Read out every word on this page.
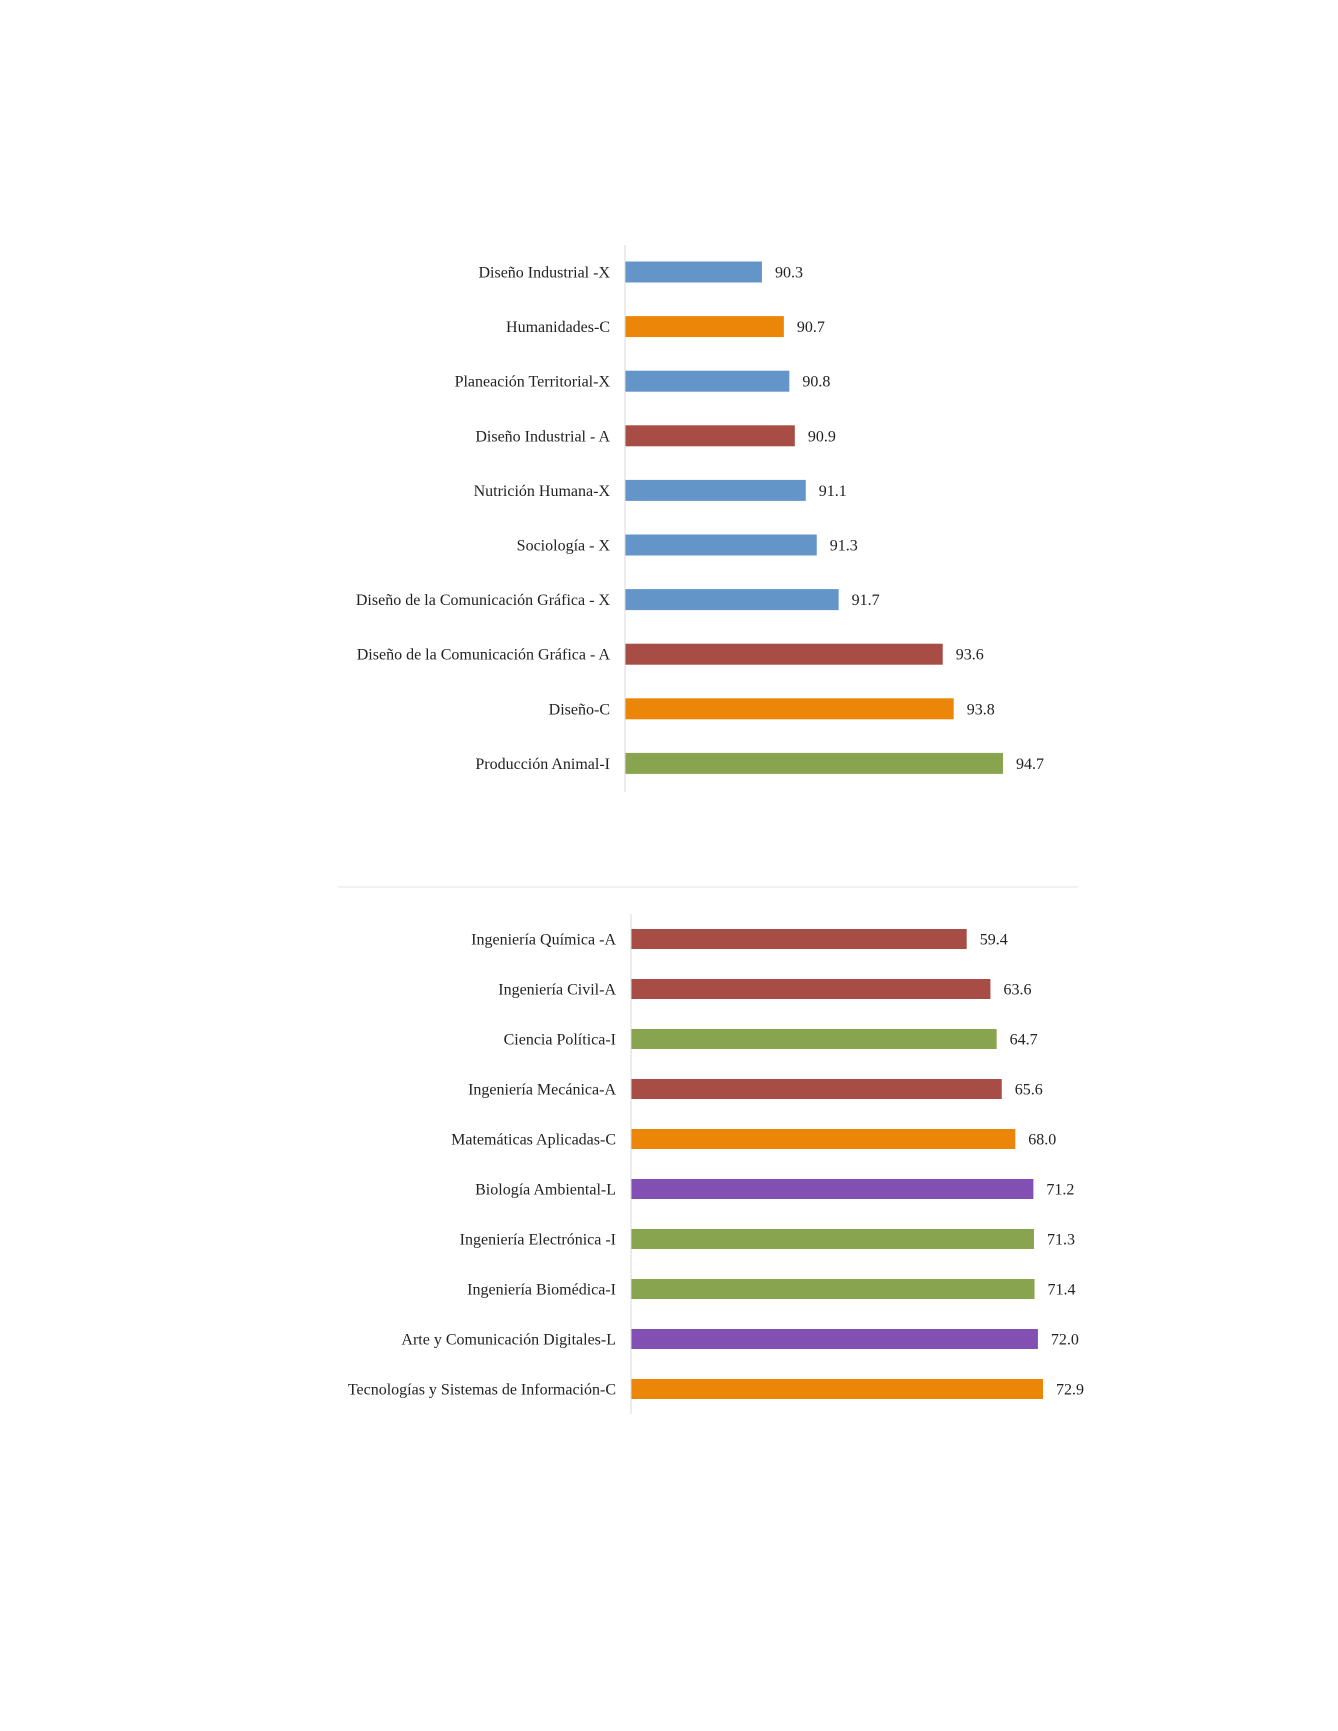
Diseño Industrial -X	90.3
Humanidades-C	90.7
Planeación Territorial-X	90.8
Diseño Industrial - A	90.9
Nutrición Humana-X	91.1
Sociología - X	91.3
Diseño de la Comunicación Gráfica - X	91.7
Diseño de la Comunicación Gráfica - A	93.6
Diseño-C	93.8
Producción Animal-I	94.7
Ingeniería Química -A	59.4
Ingeniería Civil-A	63.6
Ciencia Política-I	64.7
Ingeniería Mecánica-A	65.6
Matemáticas Aplicadas-C	68.0
Biología Ambiental-L	71.2
Ingeniería Electrónica -I	71.3
Ingeniería Biomédica-I	71.4
Arte y Comunicación Digitales-L	72.0
Tecnologías y Sistemas de Información-C	72.9
